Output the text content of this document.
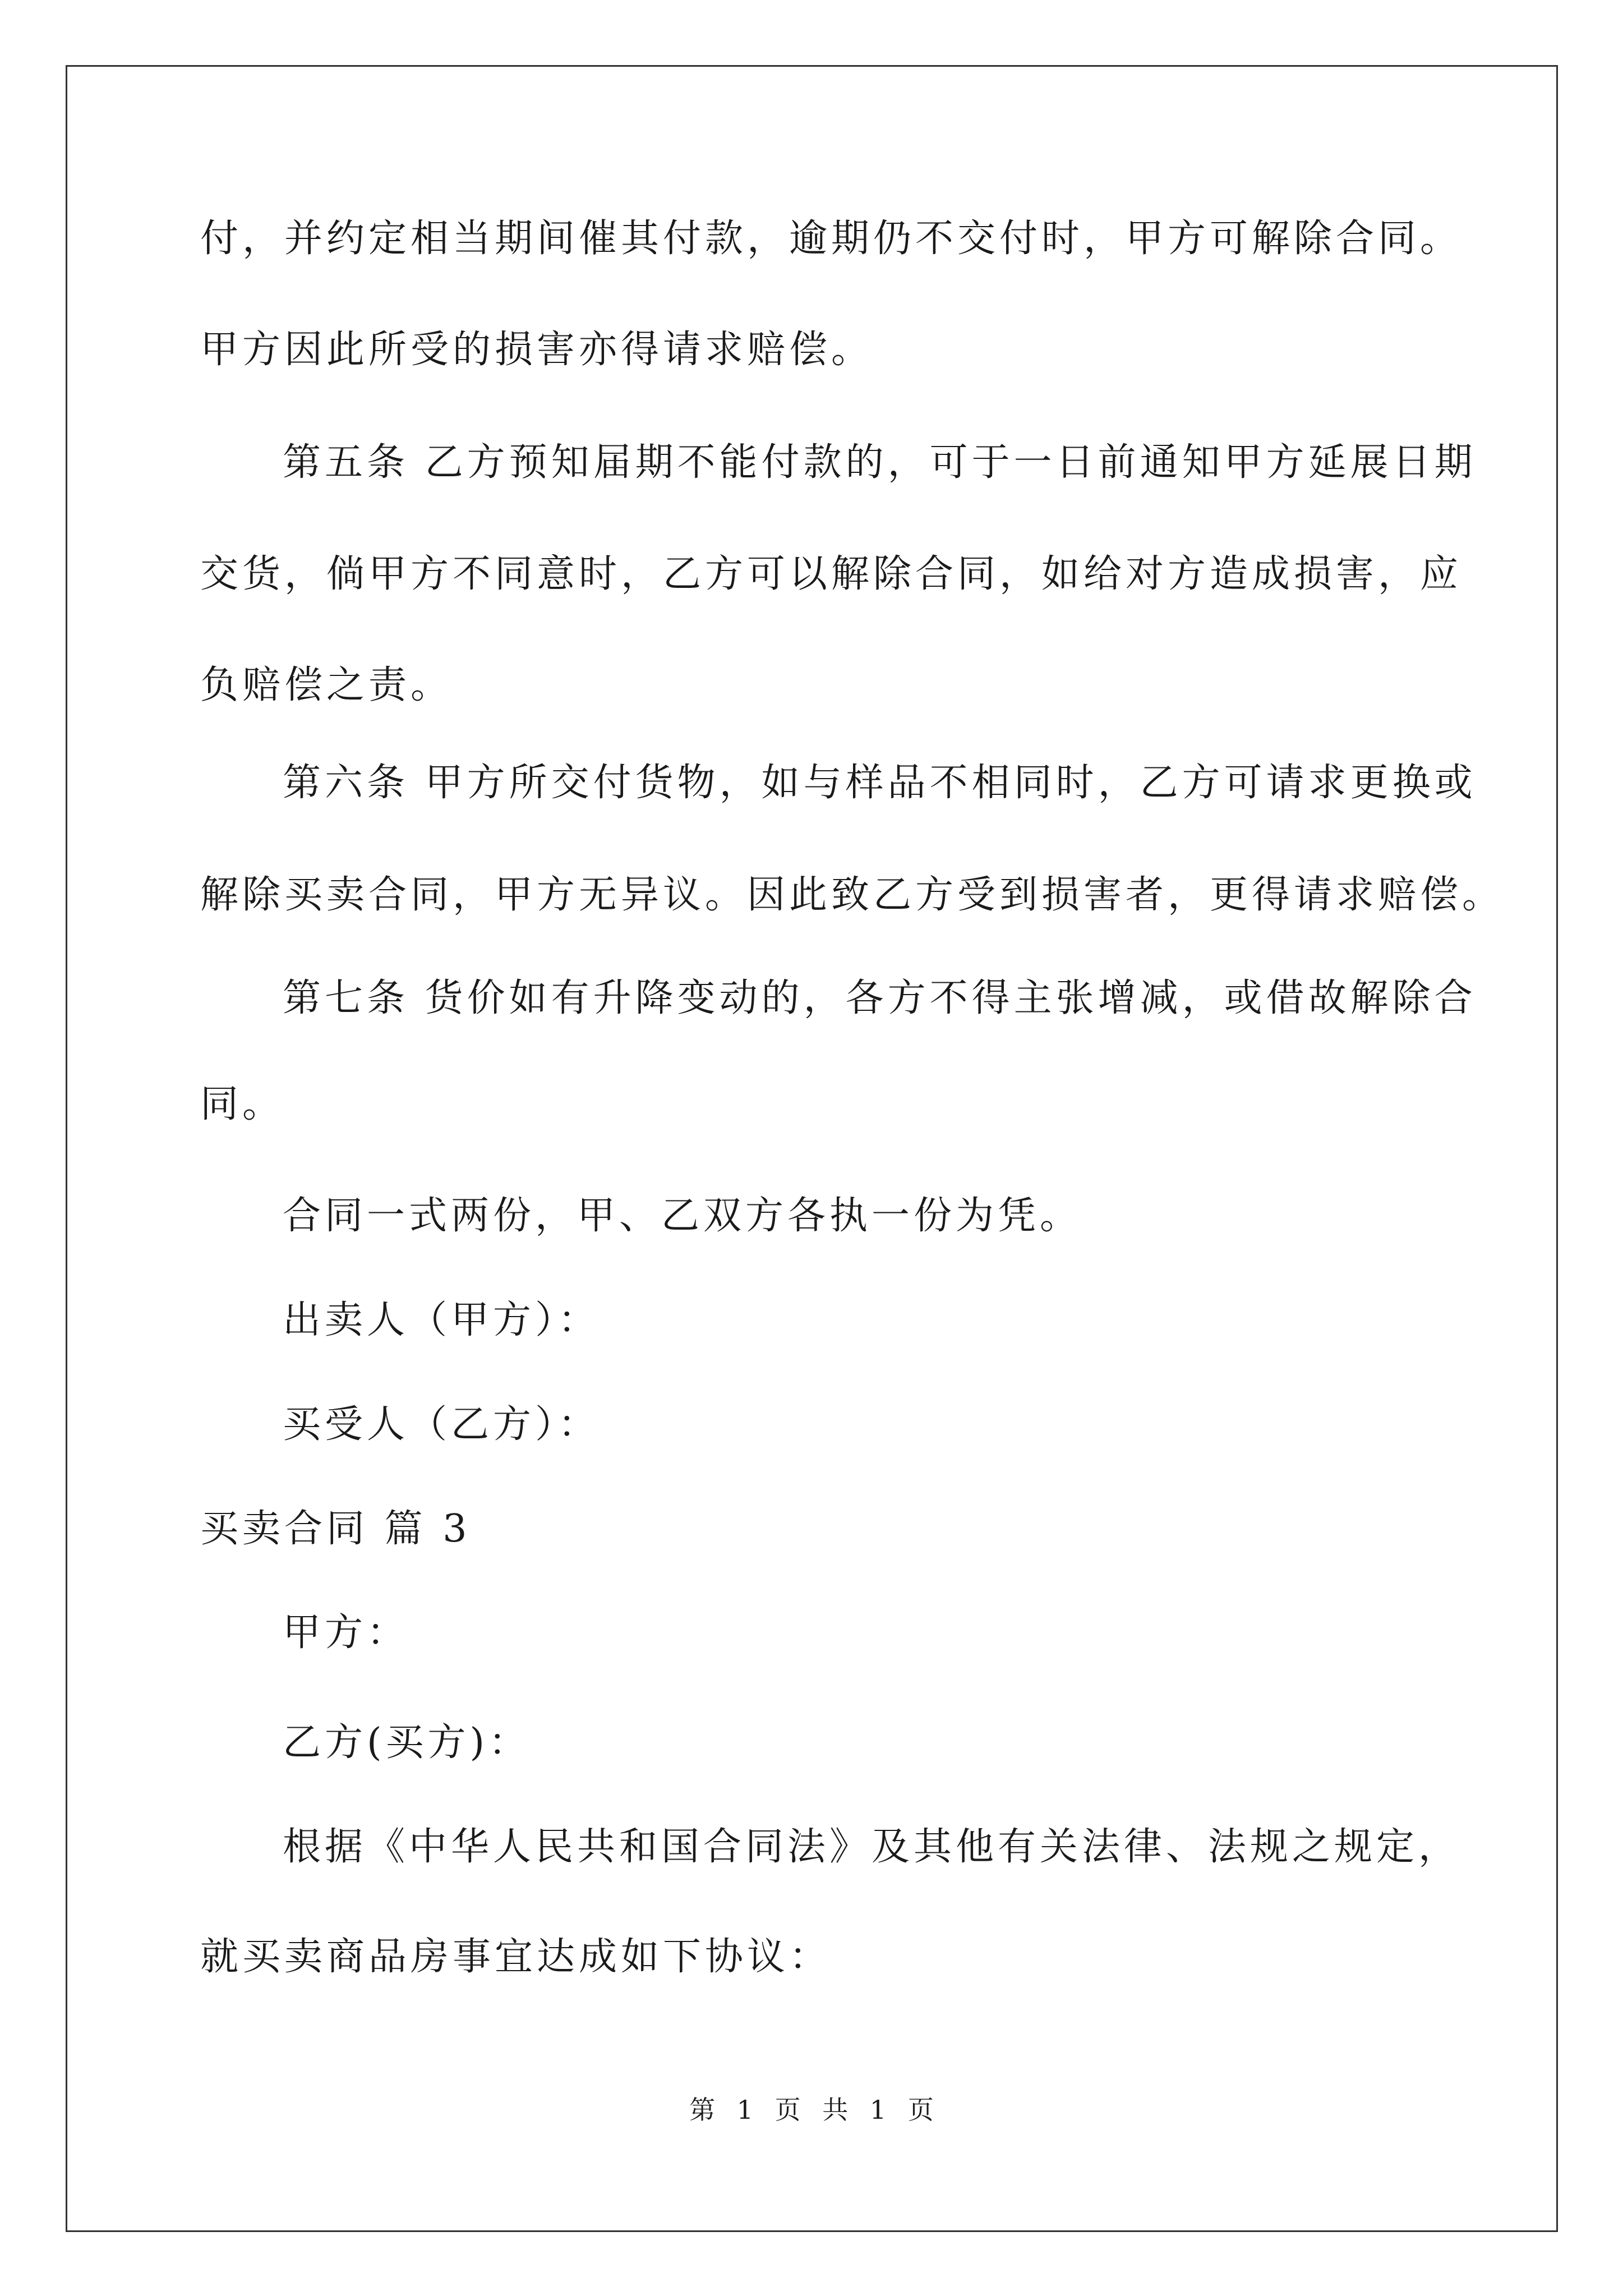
付，并约定相当期间催其付款，逾期仍不交付时，甲方可解除合同。
甲方因此所受的损害亦得请求赔偿。
第五条 乙方预知届期不能付款的，可于一日前通知甲方延展日期
交货，倘甲方不同意时，乙方可以解除合同，如给对方造成损害，应
负赔偿之责。
第六条 甲方所交付货物，如与样品不相同时，乙方可请求更换或
解除买卖合同，甲方无异议。因此致乙方受到损害者，更得请求赔偿。
第七条 货价如有升降变动的，各方不得主张增减，或借故解除合
同。
合同一式两份，甲、乙双方各执一份为凭。
出卖人（甲方）：
买受人（乙方）：
买卖合同 篇 3
甲方：
乙方(买方)：
根据《中华人民共和国合同法》及其他有关法律、法规之规定，
就买卖商品房事宜达成如下协议：
第 1 页 共 1 页
